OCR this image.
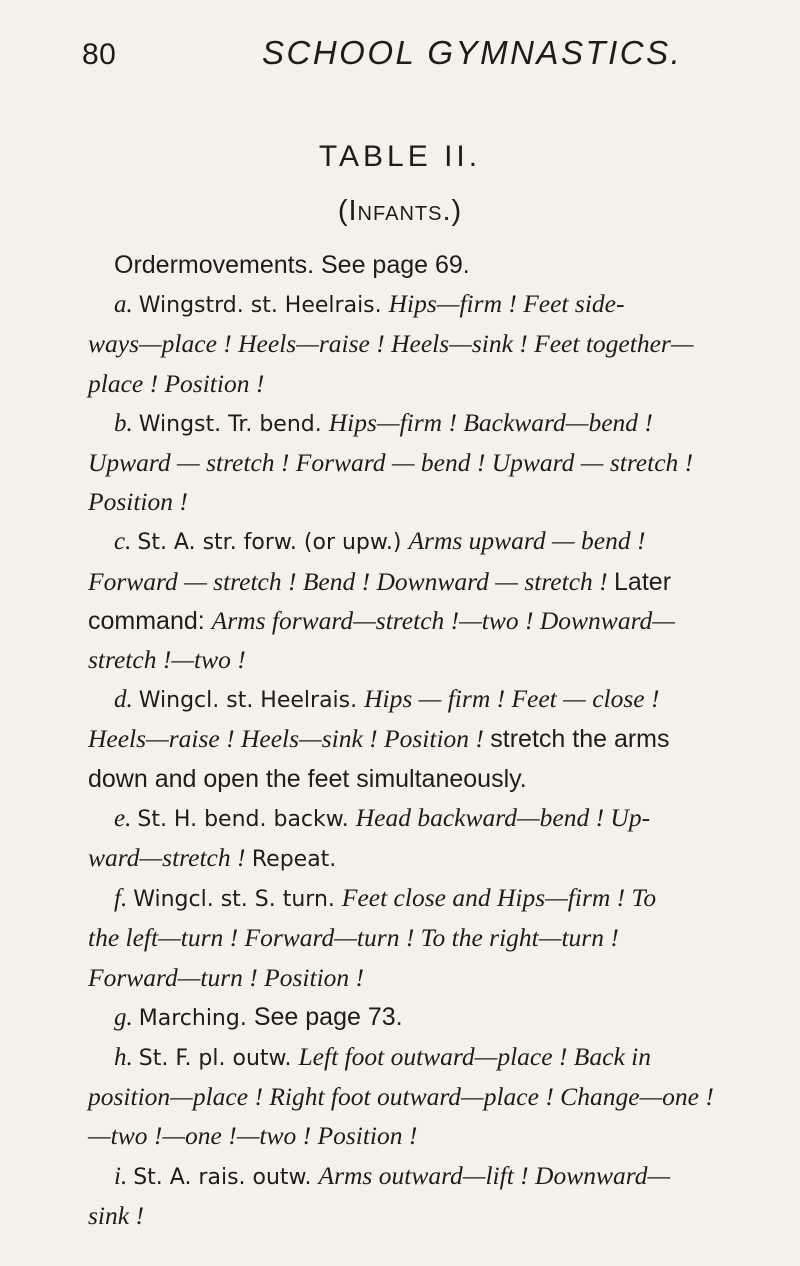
80	SCHOOL GYMNASTICS.
TABLE II.
(Infants.)
Ordermovements. See page 69.
a. Wingstrd. st. Heelrais. Hips—firm ! Feet side-
ways—place ! Heels—raise ! Heels—sink ! Feet together—
place ! Position !
b. Wingst. Tr. bend. Hips—firm ! Backward—bend !
Upward — stretch ! Forward — bend ! Upward — stretch !
Position !
c. St. A. str. forw. (or upw.) Arms upward — bend !
Forward — stretch ! Bend ! Downward — stretch ! Later
command: Arms forward—stretch !—two ! Downward—
stretch !—two !
d. Wingcl. st. Heelrais. Hips — firm ! Feet — close !
Heels—raise ! Heels—sink ! Position ! stretch the arms
down and open the feet simultaneously.
e. St. H. bend. backw. Head backward—bend ! Up-
ward—stretch ! Repeat.
f. Wingcl. st. S. turn. Feet close and Hips—firm ! To
the left—turn ! Forward—turn ! To the right—turn !
Forward—turn ! Position !
g. Marching. See page 73.
h. St. F. pl. outw. Left foot outward—place ! Back in
position—place ! Right foot outward—place ! Change—one !
—two !—one !—two ! Position !
i. St. A. rais. outw. Arms outward—lift ! Downward—
sink !
